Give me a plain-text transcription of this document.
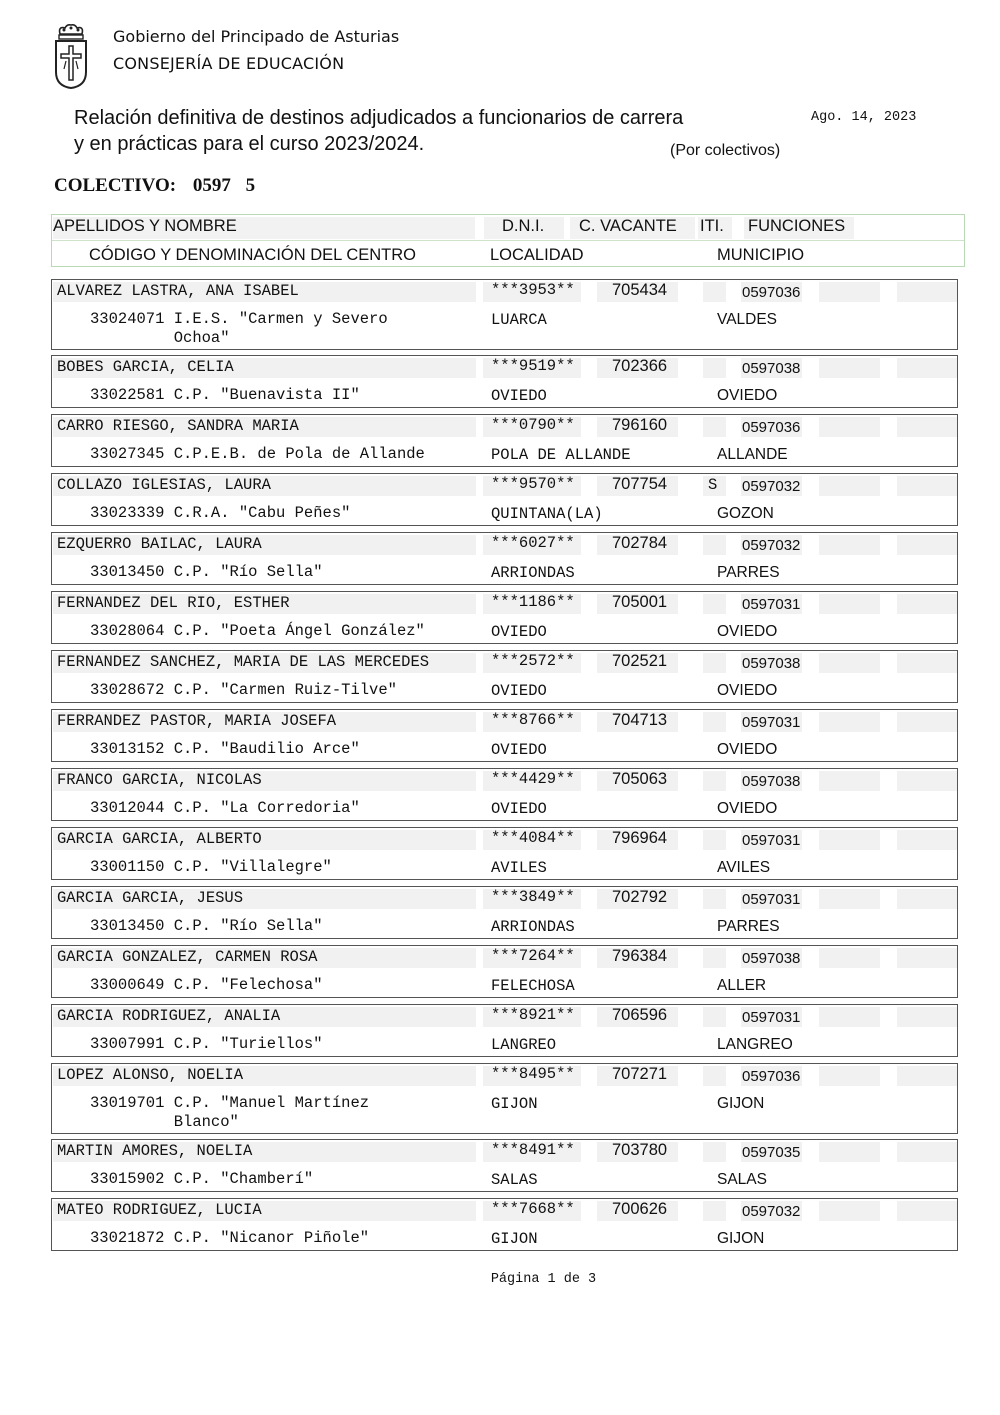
Gobierno del Principado de Asturias
CONSEJERÍA DE EDUCACIÓN
Relación definitiva de destinos adjudicados a funcionarios de carrera
y en prácticas para el curso 2023/2024.
Ago. 14, 2023
(Por colectivos)
COLECTIVO: 0597 5
APELLIDOS Y NOMBRE	D.N.I. C. VACANTE ITI. FUNCIONES
CÓDIGO Y DENOMINACIÓN DEL CENTRO	LOCALIDAD	MUNICIPIO
ALVAREZ LASTRA, ANA ISABEL	***3953** 705434	0597036
33024071 I.E.S. "Carmen y Severo
Ochoa"
LUARCA	VALDES
BOBES GARCIA, CELIA	***9519** 702366	0597038
33022581 C.P. "Buenavista II"	OVIEDO	OVIEDO
CARRO RIESGO, SANDRA MARIA	***0790** 796160	0597036
33027345 C.P.E.B. de Pola de Allande	POLA DE ALLANDE	ALLANDE
COLLAZO IGLESIAS, LAURA	***9570** 707754	S 0597032
33023339 C.R.A. "Cabu Peñes"	QUINTANA(LA)	GOZON
EZQUERRO BAILAC, LAURA	***6027** 702784	0597032
33013450 C.P. "Río Sella"	ARRIONDAS	PARRES
FERNANDEZ DEL RIO, ESTHER	***1186** 705001	0597031
33028064 C.P. "Poeta Ángel González"	OVIEDO	OVIEDO
FERNANDEZ SANCHEZ, MARIA DE LAS MERCEDES	***2572** 702521	0597038
33028672 C.P. "Carmen Ruiz-Tilve"	OVIEDO	OVIEDO
FERRANDEZ PASTOR, MARIA JOSEFA	***8766** 704713	0597031
33013152 C.P. "Baudilio Arce"	OVIEDO	OVIEDO
FRANCO GARCIA, NICOLAS	***4429** 705063	0597038
33012044 C.P. "La Corredoria"	OVIEDO	OVIEDO
GARCIA GARCIA, ALBERTO	***4084** 796964	0597031
33001150 C.P. "Villalegre"	AVILES	AVILES
GARCIA GARCIA, JESUS	***3849** 702792	0597031
33013450 C.P. "Río Sella"	ARRIONDAS	PARRES
GARCIA GONZALEZ, CARMEN ROSA	***7264** 796384	0597038
33000649 C.P. "Felechosa"	FELECHOSA	ALLER
GARCIA RODRIGUEZ, ANALIA	***8921** 706596	0597031
33007991 C.P. "Turiellos"	LANGREO	LANGREO
LOPEZ ALONSO, NOELIA	***8495** 707271	0597036
33019701 C.P. "Manuel Martínez
Blanco"
GIJON	GIJON
MARTIN AMORES, NOELIA	***8491** 703780	0597035
33015902 C.P. "Chamberí"	SALAS	SALAS
MATEO RODRIGUEZ, LUCIA	***7668** 700626	0597032
33021872 C.P. "Nicanor Piñole"	GIJON	GIJON
Página 1 de 3
